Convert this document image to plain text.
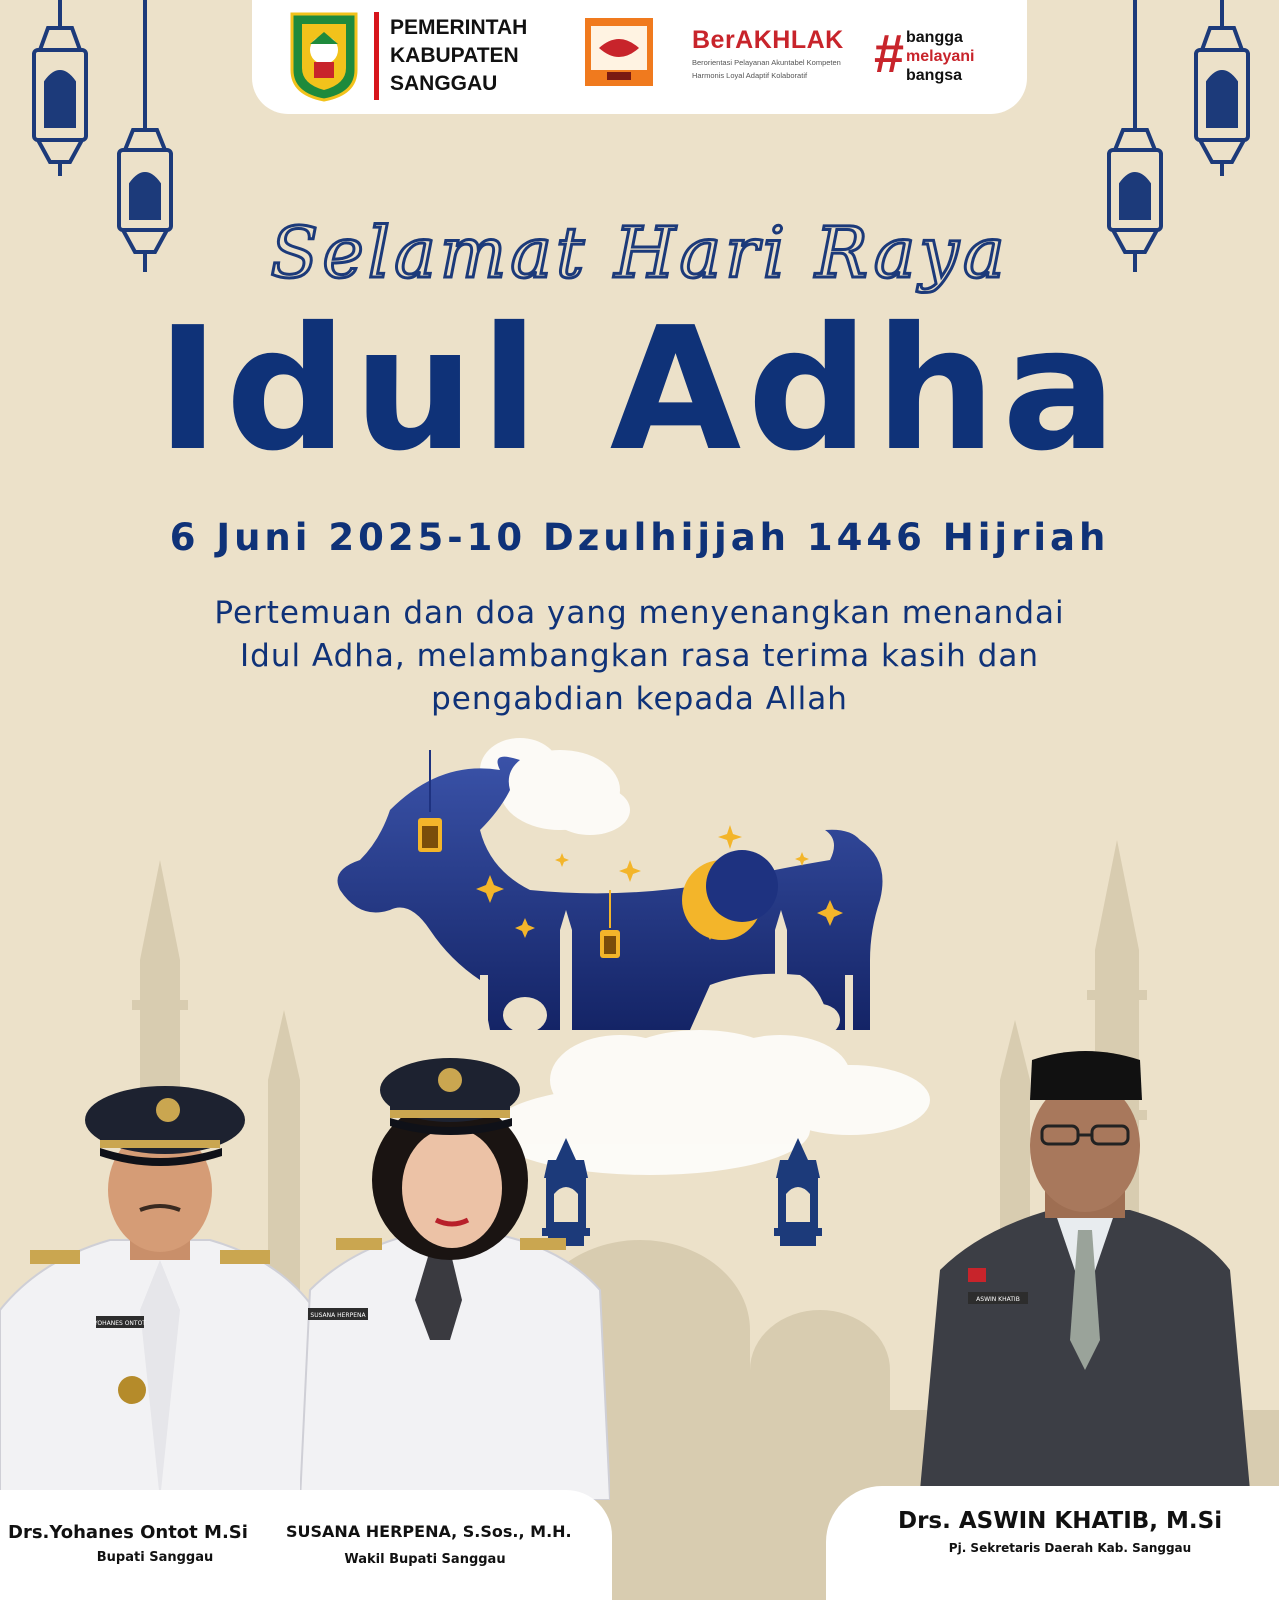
PEMERINTAH
KABUPATEN
SANGGAU
BerAKHLAK
Berorientasi Pelayanan Akuntabel Kompeten
Harmonis Loyal Adaptif Kolaboratif	# bangga
melayani
bangsa
Selamat Hari Raya
Idul Adha
6 Juni 2025-10 Dzulhijjah 1446 Hijriah
Pertemuan dan doa yang menyenangkan menandai
Idul Adha, melambangkan rasa terima kasih dan
pengabdian kepada Allah
YOHANES ONTOT
SUSANA HERPENA
ASWIN KHATIB
Drs.Yohanes Ontot M.Si
Bupati Sanggau
SUSANA HERPENA, S.Sos., M.H.
Wakil Bupati Sanggau
Drs. ASWIN KHATIB, M.Si
Pj. Sekretaris Daerah Kab. Sanggau
